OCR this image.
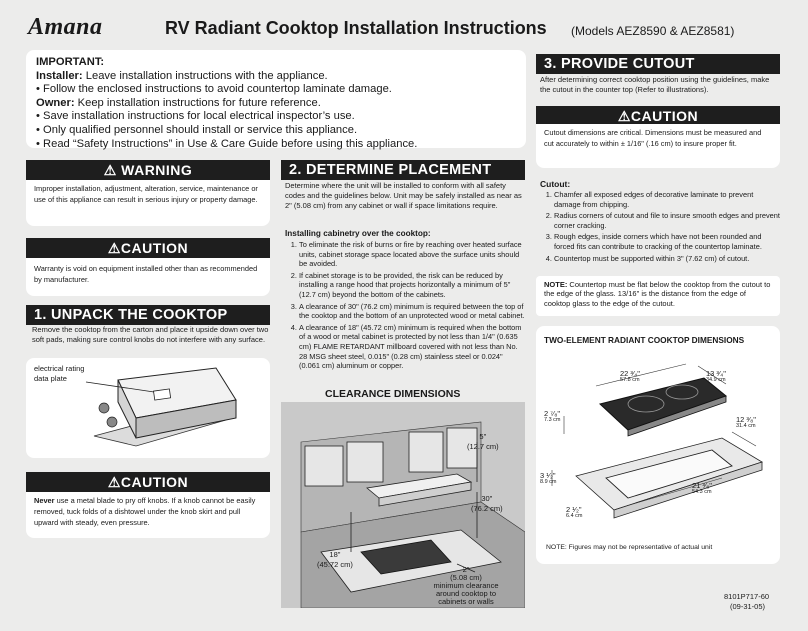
Amana	RV Radiant Cooktop Installation Instructions (Models AEZ8590 & AEZ8581)
IMPORTANT:
Installer: Leave installation instructions with the appliance.
• Follow the enclosed instructions to avoid countertop laminate damage.
Owner: Keep installation instructions for future reference.
• Save installation instructions for local electrical inspector’s use.
• Only qualified personnel should install or service this appliance.
• Read “Safety Instructions” in Use & Care Guide before using this appliance.
⚠ WARNING
Improper installation, adjustment, alteration, service, maintenance or use of this appliance can result in serious injury or property damage.
⚠CAUTION
Warranty is void on equipment installed other than as recommended by manufacturer.
1. UNPACK THE COOKTOP
Remove the cooktop from the carton and place it upside down over two soft pads, making sure control knobs do not interfere with any surface.
electrical rating data plate
⚠CAUTION
Never use a metal blade to pry off knobs. If a knob cannot be easily removed, tuck folds of a dishtowel under the knob skirt and pull upward with steady, even pressure.
2. DETERMINE PLACEMENT
Determine where the unit will be installed to conform with all safety codes and the guidelines below. Unit may be safely installed as near as 2" (5.08 cm) from any cabinet or wall if space limitations require.
Installing cabinetry over the cooktop:
1. To eliminate the risk of burns or fire by reaching over heated surface units, cabinet storage space located above the surface units should be avoided.
2. If cabinet storage is to be provided, the risk can be reduced by installing a range hood that projects horizontally a minimum of 5" (12.7 cm) beyond the bottom of the cabinets.
3. A clearance of 30" (76.2 cm) minimum is required between the top of the cooktop and the bottom of an unprotected wood or metal cabinet.
4. A clearance of 18" (45.72 cm) minimum is required when the bottom of a wood or metal cabinet is protected by not less than 1/4" (0.635 cm) FLAME RETARDANT millboard covered with not less than No. 28 MSG sheet steel, 0.015" (0.28 cm) stainless steel or 0.024" (0.061 cm) aluminum or copper.
CLEARANCE DIMENSIONS
5"
(12.7 cm)
30"
(76.2 cm)
18"
(45.72 cm)
2"
(5.08 cm)
minimum clearance around cooktop to cabinets or walls
3. PROVIDE CUTOUT
After determining correct cooktop position using the guidelines, make the cutout in the counter top (Refer to illustrations).
⚠CAUTION
Cutout dimensions are critical. Dimensions must be measured and cut accurately to within ± 1/16" (.16 cm) to insure proper fit.
Cutout:
1. Chamfer all exposed edges of decorative laminate to prevent damage from chipping.
2. Radius corners of cutout and file to insure smooth edges and prevent corner cracking.
3. Rough edges, inside corners which have not been rounded and forced fits can contribute to cracking of the countertop laminate.
4. Countertop must be supported within 3" (7.62 cm) of cutout.
NOTE: Countertop must be flat below the cooktop from the cutout to the edge of the glass. 13/16" is the distance from the edge of cooktop glass to the edge of the cutout.
TWO-ELEMENT RADIANT COOKTOP DIMENSIONS
22 ³⁄₄"
57.8 cm
13 ³⁄₄"
34.9 cm
2 ⁷⁄₈"
7.3 cm	12 ³⁄₈"
31.4 cm
3 ¹⁄₂"
8.9 cm	21 ³⁄₈"
54.3 cm
2 ¹⁄₂"
6.4 cm
NOTE: Figures may not be representative of actual unit
8101P717-60
(09-31-05)
